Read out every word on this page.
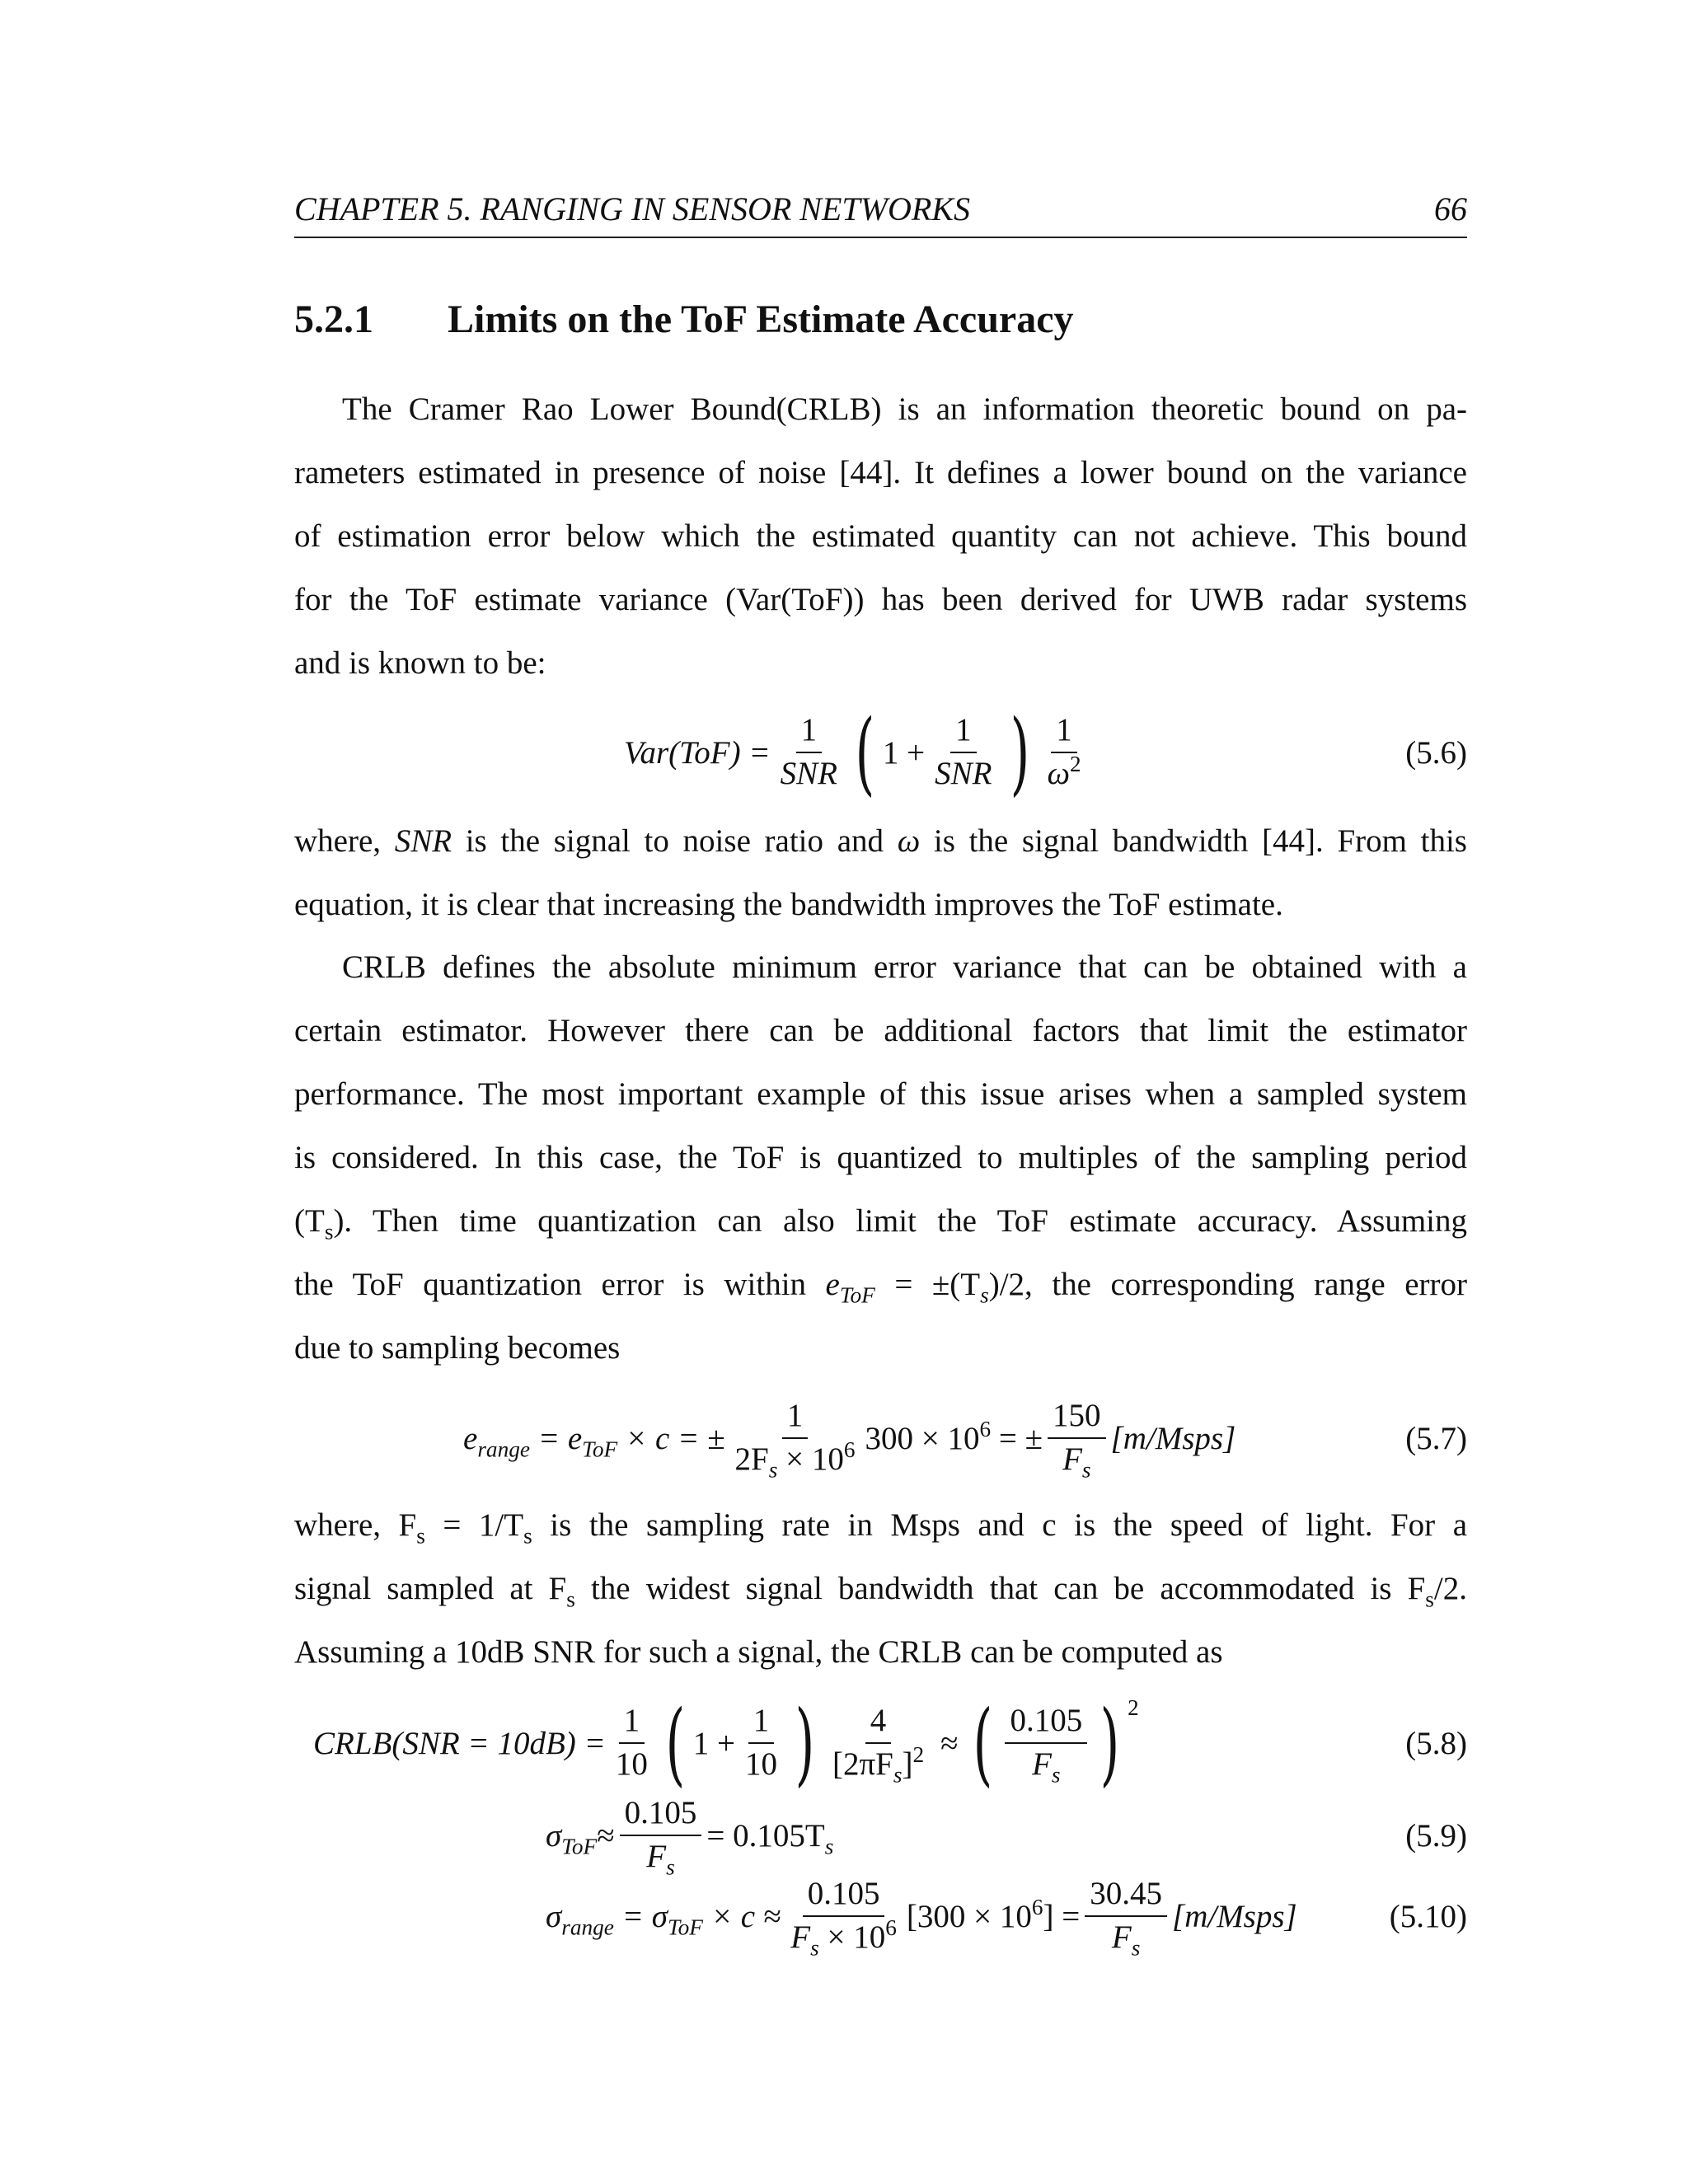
CHAPTER 5. RANGING IN SENSOR NETWORKS	66
5.2.1 Limits on the ToF Estimate Accuracy
The Cramer Rao Lower Bound(CRLB) is an information theoretic bound on pa-
rameters estimated in presence of noise [44]. It defines a lower bound on the variance
of estimation error below which the estimated quantity can not achieve. This bound
for the ToF estimate variance (Var(ToF)) has been derived for UWB radar systems
and is known to be:
$Var(ToF) = \frac{1}{\text{SNR}}$ ( $1 + \frac{1}{\text{SNR}}$ ) $\frac{1}{\omega^2}$	(5.6)
where, SNR is the signal to noise ratio and ω is the signal bandwidth [44]. From this
equation, it is clear that increasing the bandwidth improves the ToF estimate.
CRLB defines the absolute minimum error variance that can be obtained with a
certain estimator. However there can be additional factors that limit the estimator
performance. The most important example of this issue arises when a sampled system
is considered. In this case, the ToF is quantized to multiples of the sampling period
$(T_s)$. Then time quantization can also limit the ToF estimate accuracy. Assuming
the ToF quantization error is within $e_{ToF} = \pm(T_s)/2$, the corresponding range error
due to sampling becomes
$e_{range} = e_{ToF} \times c$ = ± $\frac{1}{2F_s \times 10^6} 300 \times 10^6$ = ± $\frac{150}{F_s}$ [m/Msps]	(5.7)
where, $F_s = 1/T_s$ is the sampling rate in Msps and c is the speed of light. For a
signal sampled at $F_s$ the widest signal bandwidth that can be accommodated is $F_s/2$.
Assuming a 10dB SNR for such a signal, the CRLB can be computed as
CRLB(SNR = $10dB) = \frac{1}{10}$ ( $1 + \frac{1}{10}$ ) $\frac{4}{[2\pi F_s]^2}$ ≈ ( $\frac{0.105}{F_s}$ ) 2
(5.8)
$\sigma_{ToF} \approx \frac{0.105}{F_s} = 0.105T_s$	(5.9)
$\sigma_{range} = \sigma_{ToF} \times c \approx \frac{0.105}{F_s \times 10^6} [300 \times 10^6] = \frac{30.45}{F_s}$ [m/Msps]	(5.10)
